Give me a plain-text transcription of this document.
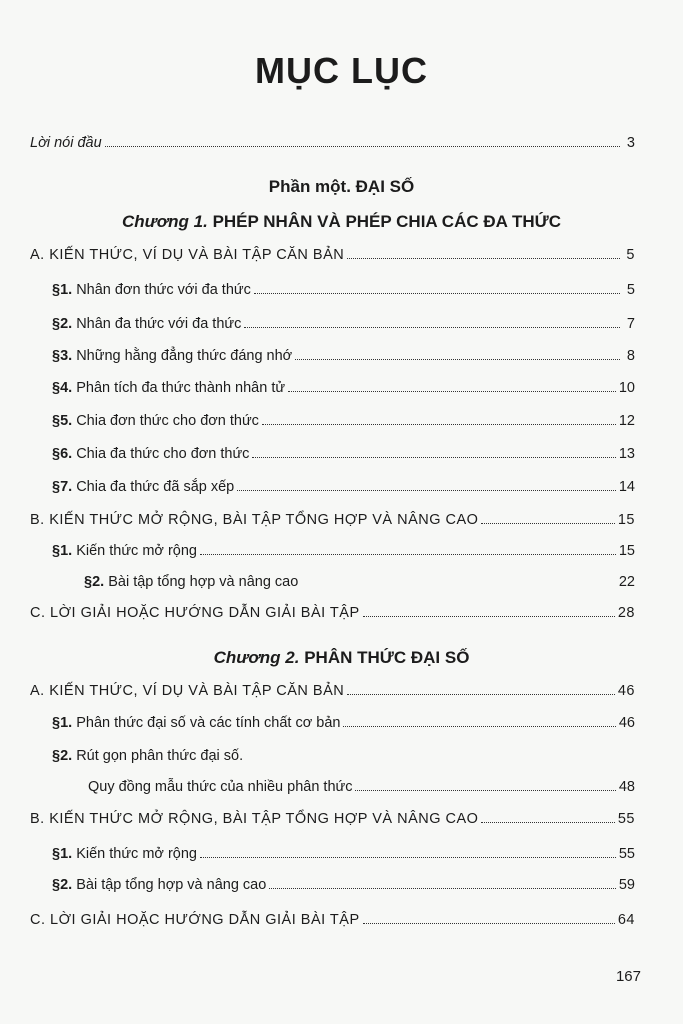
MỤC LỤC
Lời nói đầu	3
Phần một. ĐẠI SỐ
Chương 1. PHÉP NHÂN VÀ PHÉP CHIA CÁC ĐA THỨC
A. KIẾN THỨC, VÍ DỤ VÀ BÀI TẬP CĂN BẢN	5
§1. Nhân đơn thức với đa thức	5
§2. Nhân đa thức với đa thức	7
§3. Những hằng đẳng thức đáng nhớ	8
§4. Phân tích đa thức thành nhân tử	10
§5. Chia đơn thức cho đơn thức	12
§6. Chia đa thức cho đơn thức	13
§7. Chia đa thức đã sắp xếp	14
B. KIẾN THỨC MỞ RỘNG, BÀI TẬP TỔNG HỢP VÀ NÂNG CAO	15
§1. Kiến thức mở rộng	15
§2. Bài tập tổng hợp và nâng cao	22
C. LỜI GIẢI HOẶC HƯỚNG DẪN GIẢI BÀI TẬP	28
Chương 2. PHÂN THỨC ĐẠI SỐ
A. KIẾN THỨC, VÍ DỤ VÀ BÀI TẬP CĂN BẢN	46
§1. Phân thức đại số và các tính chất cơ bản	46
§2. Rút gọn phân thức đại số.
Quy đồng mẫu thức của nhiều phân thức	48
B. KIẾN THỨC MỞ RỘNG, BÀI TẬP TỔNG HỢP VÀ NÂNG CAO	55
§1. Kiến thức mở rộng	55
§2. Bài tập tổng hợp và nâng cao	59
C. LỜI GIẢI HOẶC HƯỚNG DẪN GIẢI BÀI TẬP	64
167
